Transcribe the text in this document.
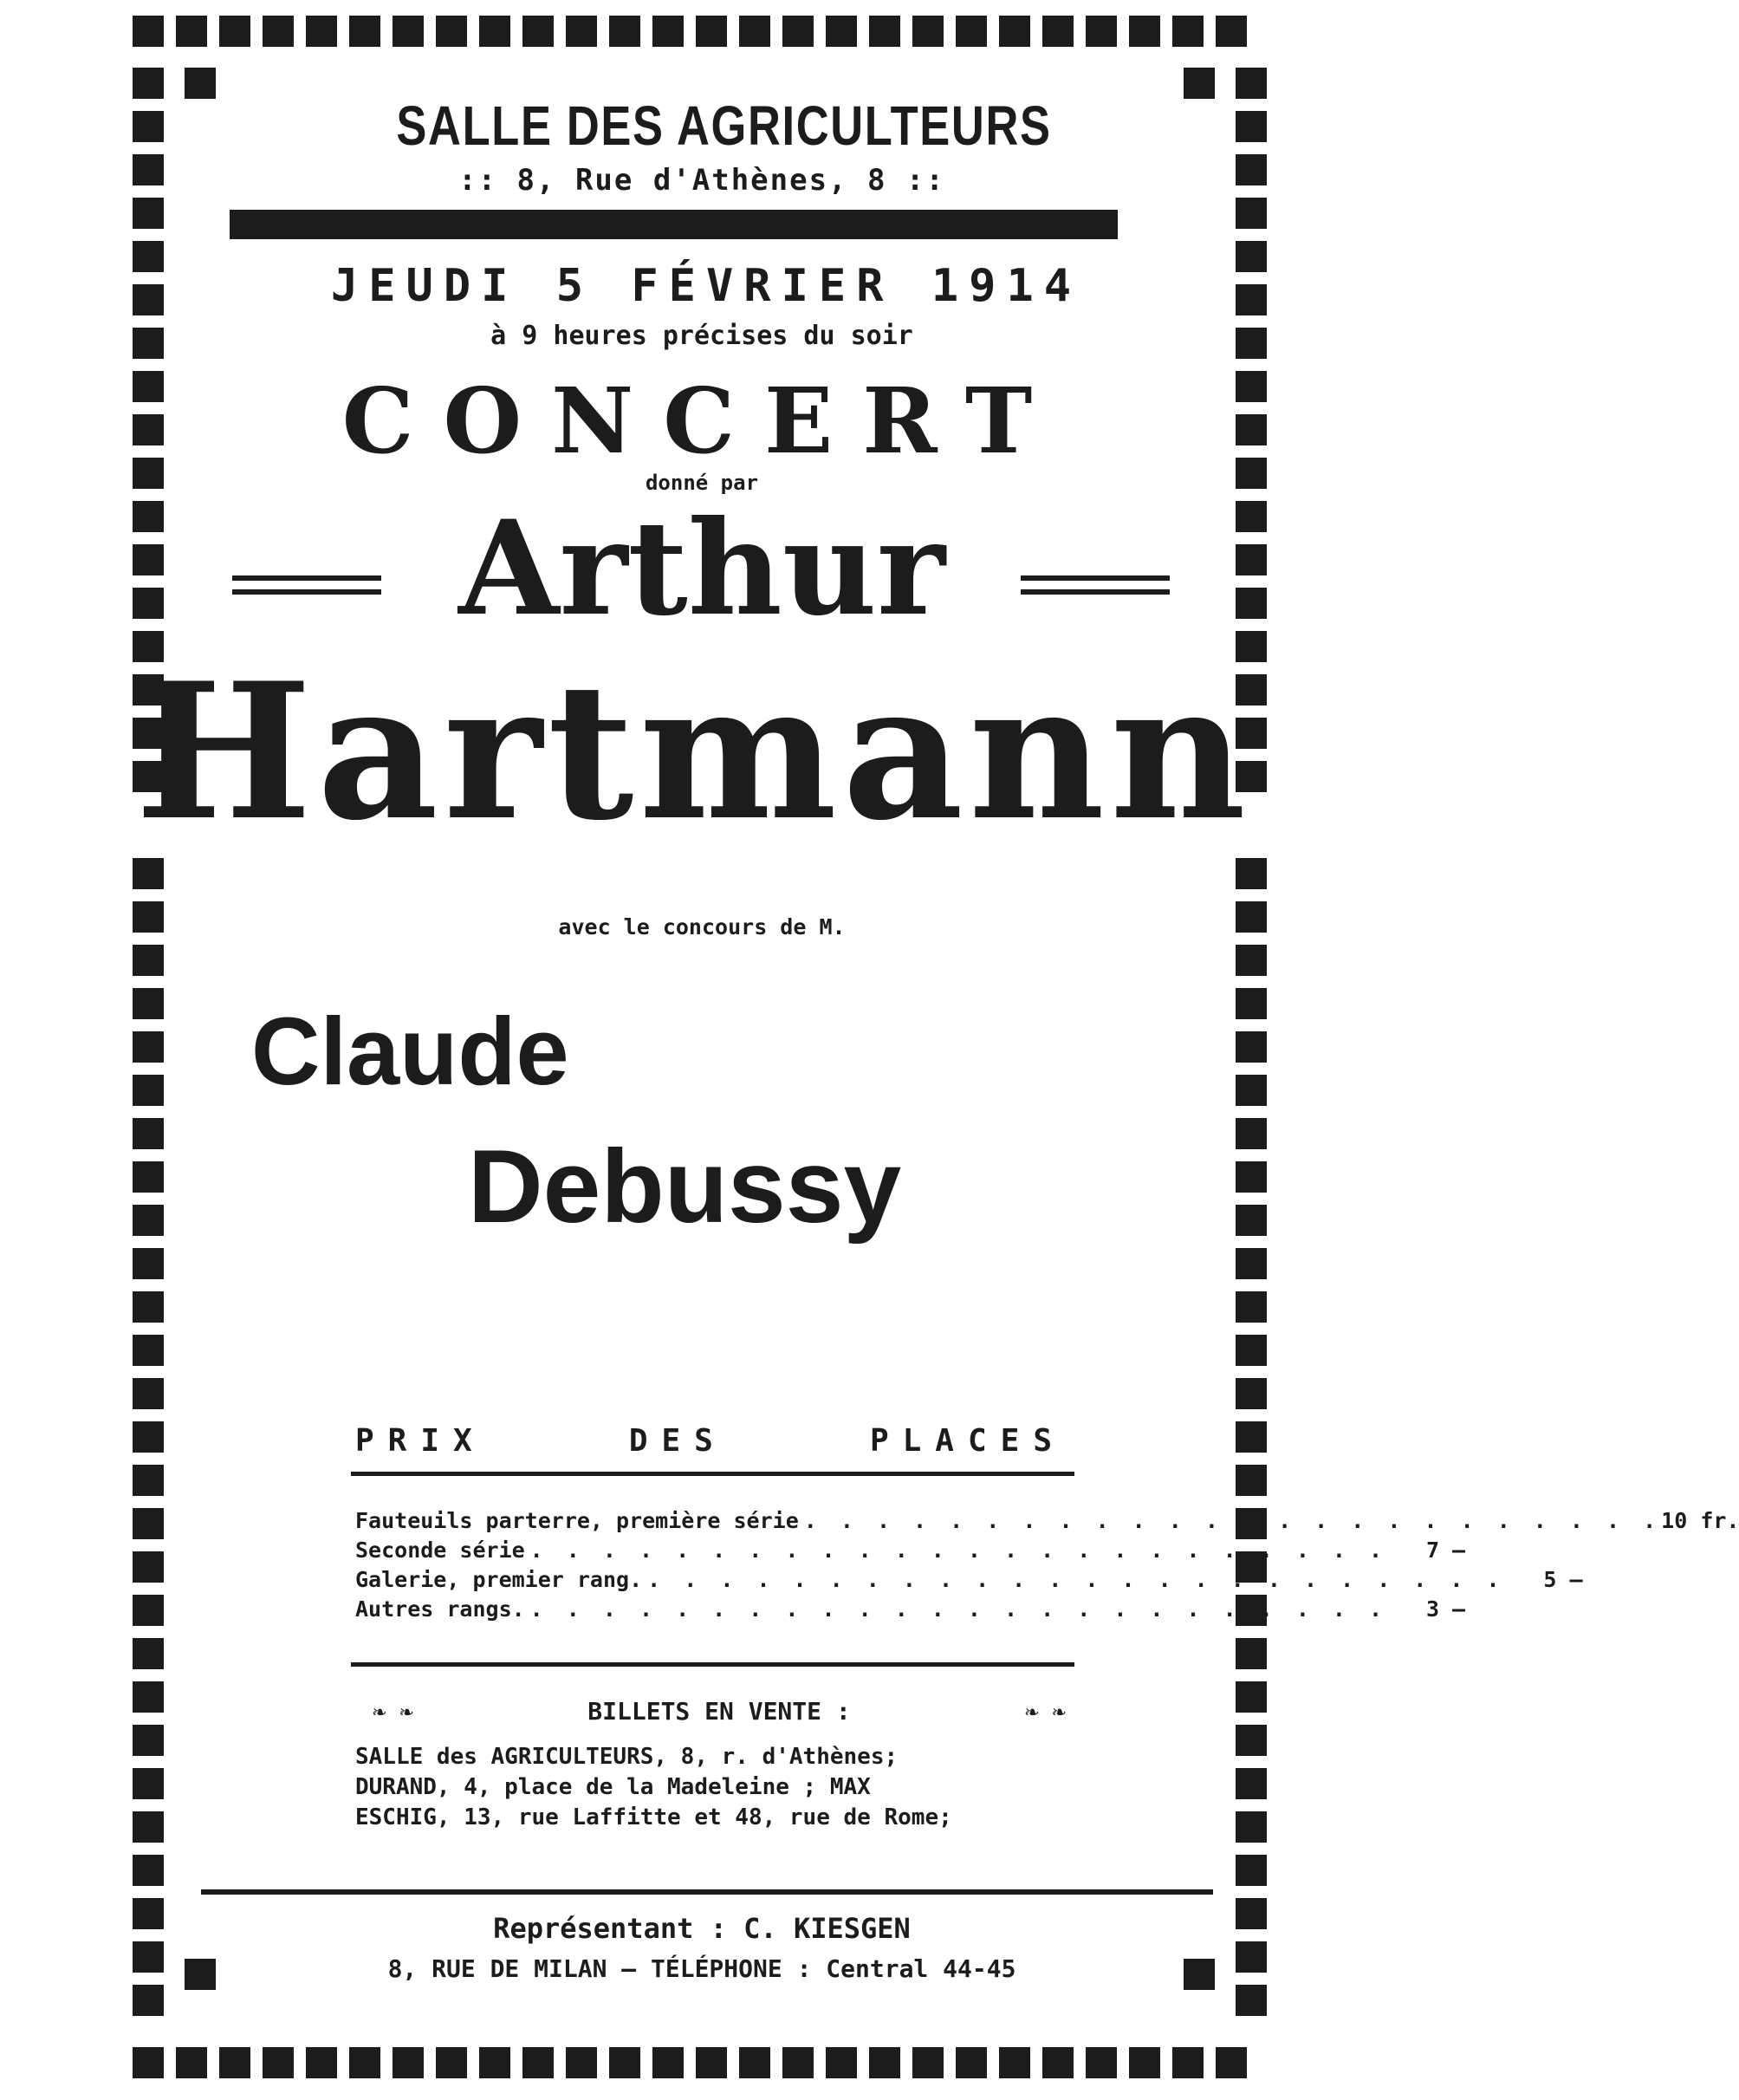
SALLE DES AGRICULTEURS
:: 8, Rue d'Athènes, 8 ::
JEUDI 5 FÉVRIER 1914
à 9 heures précises du soir
CONCERT
donné par
Arthur
Hartmann
avec le concours de M.
Claude
Debussy
PRIX	DES	PLACES
Fauteuils parterre, première série . . . . . . . . . . . . . . . . . . . . . . . . 10 fr.
Seconde série . . . . . . . . . . . . . . . . . . . . . . . .	7 —
Galerie, premier rang. . . . . . . . . . . . . . . . . . . . . . . . .	5 —
Autres rangs. . . . . . . . . . . . . . . . . . . . . . . . .	3 —
❧ ❧	BILLETS EN VENTE :	❧ ❧
SALLE des AGRICULTEURS, 8, r. d'Athènes;
DURAND, 4, place de la Madeleine ; MAX
ESCHIG, 13, rue Laffitte et 48, rue de Rome;
Représentant : C. KIESGEN
8, RUE DE MILAN — TÉLÉPHONE : Central 44-45
